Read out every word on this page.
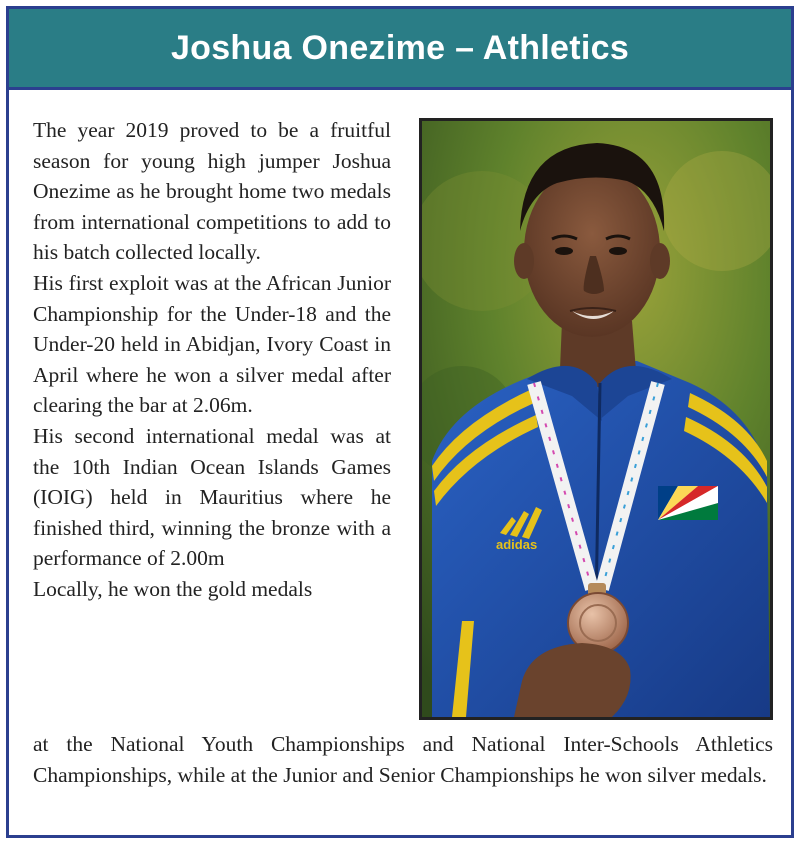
Joshua Onezime – Athletics

The year 2019 proved to be a fruitful season for young high jumper Joshua Onezime as he brought home two medals from international competitions to add to his batch collected locally.

His first exploit was at the African Junior Championship for the Under-18 and the Under-20 held in Abidjan, Ivory Coast in April where he won a silver medal after clearing the bar at 2.06m.

His second international medal was at the 10th Indian Ocean Islands Games (IOIG) held in Mauritius where he finished third, winning the bronze with a performance of 2.00m

Locally, he won the gold medals

adidas

at the National Youth Championships and National Inter-Schools Athletics Championships, while at the Junior and Senior Championships he won silver medals.
